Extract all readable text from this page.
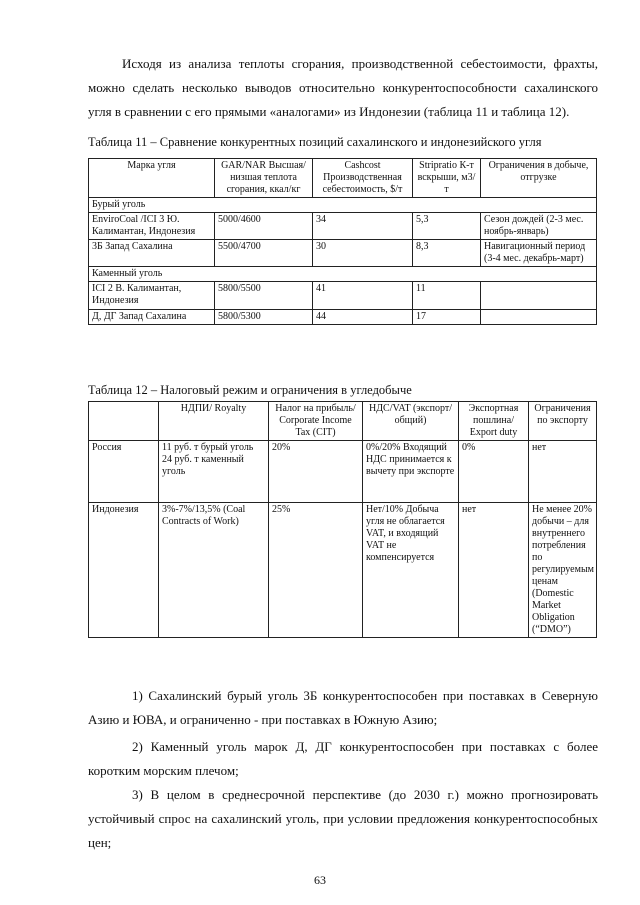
Исходя из анализа теплоты сгорания, производственной себестоимости, фрахты, можно сделать несколько выводов относительно конкурентоспособности сахалинского угля в сравнении с его прямыми «аналогами» из Индонезии (таблица 11 и таблица 12).
Таблица 11 – Сравнение конкурентных позиций сахалинского и индонезийского угля
Марка угля	GAR/NAR Высшая/низшая теплота сгорания, ккал/кг	Cashcost Производственная себестоимость, $/т	Stripratio К-т вскрыши, м3/т	Ограничения в добыче, отгрузке
Бурый уголь				
EnviroCoal /ICI 3 Ю. Калимантан, Индонезия	5000/4600	34	5,3	Сезон дождей (2-3 мес. ноябрь-январь)
3Б Запад Сахалина	5500/4700	30	8,3	Навигационный период (3-4 мес. декабрь-март)
Каменный уголь				
ICI 2 В. Калимантан, Индонезия	5800/5500	41	11	
Д, ДГ Запад Сахалина	5800/5300	44	17	
Таблица 12 – Налоговый режим и ограничения в угледобыче
	НДПИ/ Royalty	Налог на прибыль/ Corporate Income Tax (CIT)	НДС/VAT (экспорт/общий)	Экспортная пошлина/ Export duty	Ограничения по экспорту
Россия	11 руб. т бурый уголь 24 руб. т каменный уголь	20%	0%/20% Входящий НДС принимается к вычету при экспорте	0%	нет
Индонезия	3%-7%/13,5% (Coal Contracts of Work)	25%	Нет/10% Добыча угля не облагается VAT, и входящий VAT не компенсируется	нет	Не менее 20% добычи – для внутреннего потребления по регулируемым ценам (Domestic Market Obligation (“DMO”)
1) Сахалинский бурый уголь 3Б конкурентоспособен при поставках в Северную Азию и ЮВА, и ограниченно - при поставках в Южную Азию;
2) Каменный уголь марок Д, ДГ конкурентоспособен при поставках с более коротким морским плечом;
3) В целом в среднесрочной перспективе (до 2030 г.) можно прогнозировать устойчивый спрос на сахалинский уголь, при условии предложения конкурентоспособных цен;
63
